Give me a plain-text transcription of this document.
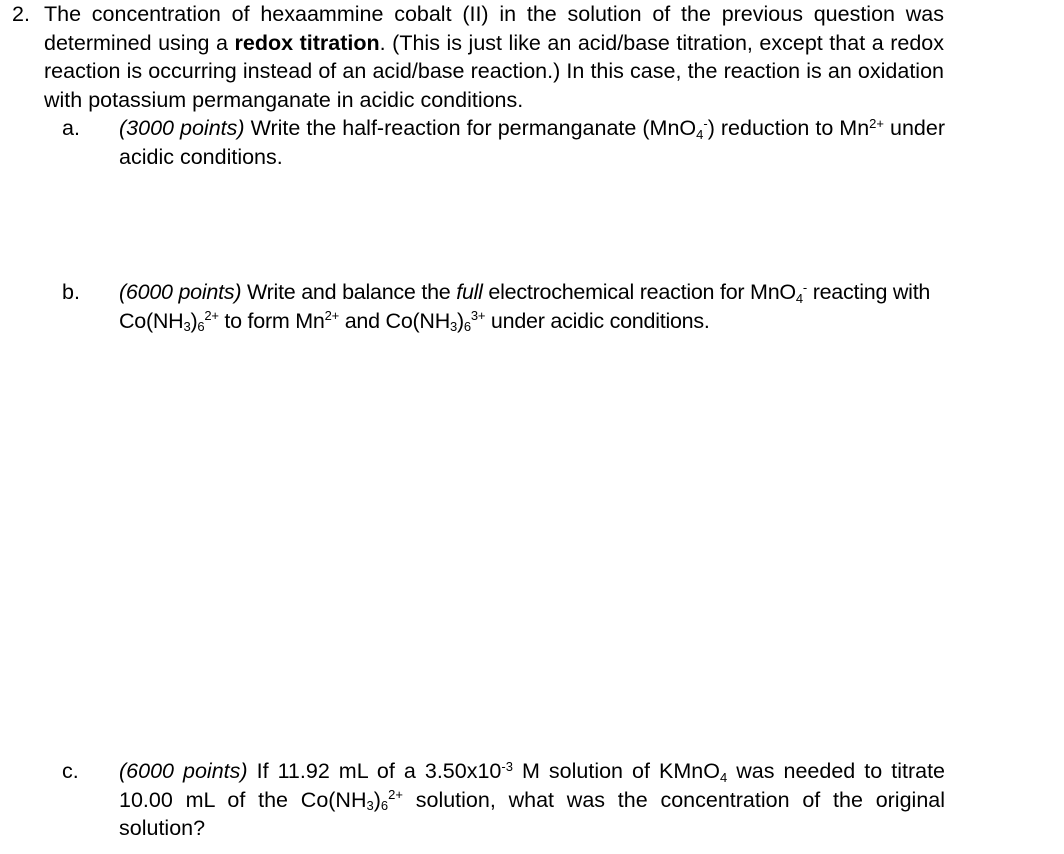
2. The concentration of hexaammine cobalt (II) in the solution of the previous question was determined using a redox titration. (This is just like an acid/base titration, except that a redox reaction is occurring instead of an acid/base reaction.) In this case, the reaction is an oxidation with potassium permanganate in acidic conditions.
a. (3000 points) Write the half-reaction for permanganate (MnO$_4$-) reduction to $Mn^{2+}$ under acidic conditions.
b. (6000 points) Write and balance the full electrochemical reaction for MnO$_4$- reacting with $Co(NH_3)_6^{2+}$ to form $Mn^{2+}$ and $Co(NH_3)_6^{3+}$ under acidic conditions.
c. (6000 points) If 11.92 mL of a $3.50x10^{-3}$ M solution of KMnO$_4$ was needed to titrate 10.00 mL of the $Co(NH_3)_6^{2+}$ solution, what was the concentration of the original solution?
